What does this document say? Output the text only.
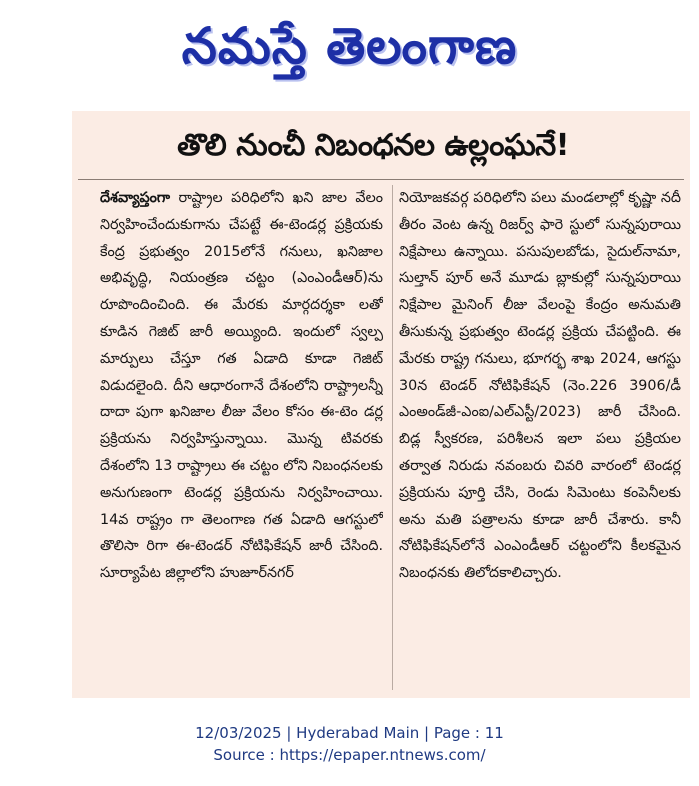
నమస్తే తెలంగాణ
తొలి నుంచీ నిబంధనల ఉల్లంఘనే!
దేశవ్యాప్తంగా రాష్ట్రాల పరిధిలోని ఖని జాల వేలం నిర్వహించేందుకుగాను చేపట్టే ఈ-టెండర్ల ప్రక్రియకు కేంద్ర ప్రభుత్వం 2015లోనే గనులు, ఖనిజాల అభివృద్ధి, నియంత్రణ చట్టం (ఎంఎండీఆర్)ను రూపొందించింది. ఈ మేరకు మార్గదర్శకా లతో కూడిన గెజిట్ జారీ అయ్యింది. ఇందులో స్వల్ప మార్పులు చేస్తూ గత ఏడాది కూడా గెజిట్ విడుదలైంది. దీని ఆధారంగానే దేశంలోని రాష్ట్రాలన్నీ దాదా పుగా ఖనిజాల లీజు వేలం కోసం ఈ-టెం డర్ల ప్రక్రియను నిర్వహిస్తున్నాయి. మొన్న టివరకు దేశంలోని 13 రాష్ట్రాలు ఈ చట్టం లోని నిబంధనలకు అనుగుణంగా టెండర్ల ప్రక్రియను నిర్వహించాయి. 14వ రాష్ట్రం గా తెలంగాణ గత ఏడాది ఆగస్టులో తొలిసా రిగా ఈ-టెండర్ నోటిఫికేషన్ జారీ చేసింది. సూర్యాపేట జిల్లాలోని హుజూర్‌నగర్
నియోజకవర్గ పరిధిలోని పలు మండలాల్లో కృష్ణా నదీ తీరం వెంట ఉన్న రిజర్వ్ ఫారె స్టులో సున్నపురాయి నిక్షేపాలు ఉన్నాయి. పసుపులబోడు, సైదుల్‌నామా, సుల్తాన్ పూర్ అనే మూడు బ్లాకుల్లో సున్నపురాయి నిక్షేపాల మైనింగ్ లీజు వేలంపై కేంద్రం అనుమతి తీసుకున్న ప్రభుత్వం టెండర్ల ప్రక్రియ చేపట్టింది. ఈ మేరకు రాష్ట్ర గనులు, భూగర్భ శాఖ 2024, ఆగస్టు 30న టెండర్ నోటిఫికేషన్ (నెం.226 3906/డీ ఎంఅండ్‌జీ-ఎంఐ/ఎల్ఎస్టీ/2023) జారీ చేసింది. బిడ్ల స్వీకరణ, పరిశీలన ఇలా పలు ప్రక్రియల తర్వాత నిరుడు నవంబరు చివరి వారంలో టెండర్ల ప్రక్రియను పూర్తి చేసి, రెండు సిమెంటు కంపెనీలకు అను మతి పత్రాలను కూడా జారీ చేశారు. కానీ నోటిఫికేషన్‌లోనే ఎంఎండీఆర్ చట్టంలోని కీలకమైన నిబంధనకు తిలోదకాలిచ్చారు.
12/03/2025 | Hyderabad Main | Page : 11
Source : https://epaper.ntnews.com/
